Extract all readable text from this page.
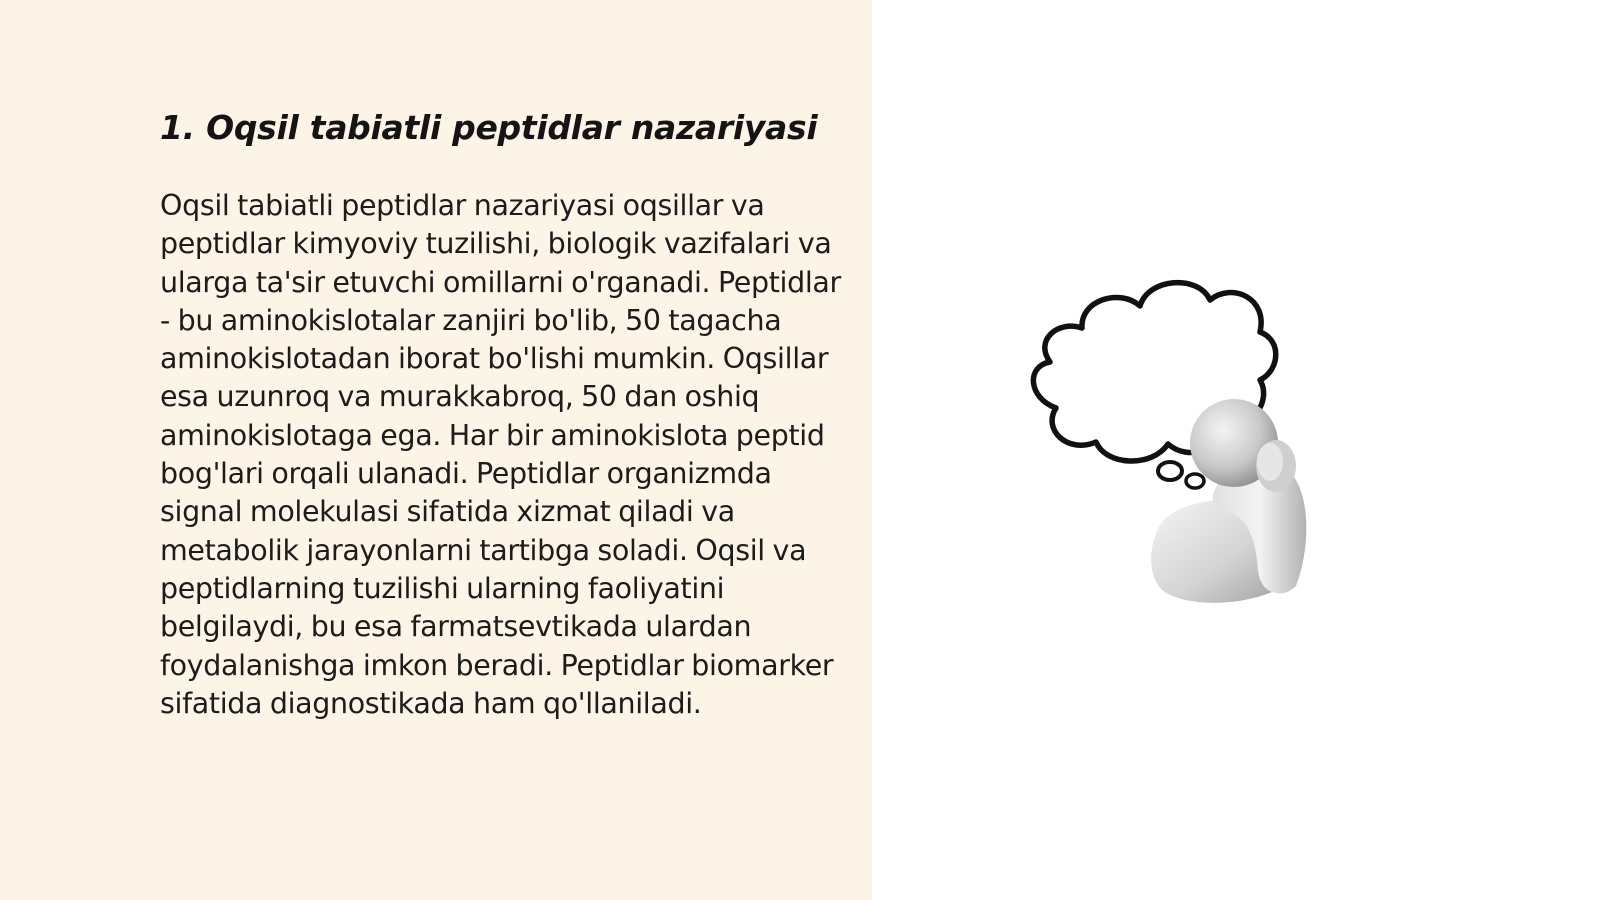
1. Oqsil tabiatli peptidlar nazariyasi

Oqsil tabiatli peptidlar nazariyasi oqsillar va peptidlar kimyoviy tuzilishi, biologik vazifalari va ularga ta'sir etuvchi omillarni o'rganadi. Peptidlar - bu aminokislotalar zanjiri bo'lib, 50 tagacha aminokislotadan iborat bo'lishi mumkin. Oqsillar esa uzunroq va murakkabroq, 50 dan oshiq aminokislotaga ega. Har bir aminokislota peptid bog'lari orqali ulanadi. Peptidlar organizmda signal molekulasi sifatida xizmat qiladi va metabolik jarayonlarni tartibga soladi. Oqsil va peptidlarning tuzilishi ularning faoliyatini belgilaydi, bu esa farmatsevtikada ulardan foydalanishga imkon beradi. Peptidlar biomarker sifatida diagnostikada ham qo'llaniladi.
